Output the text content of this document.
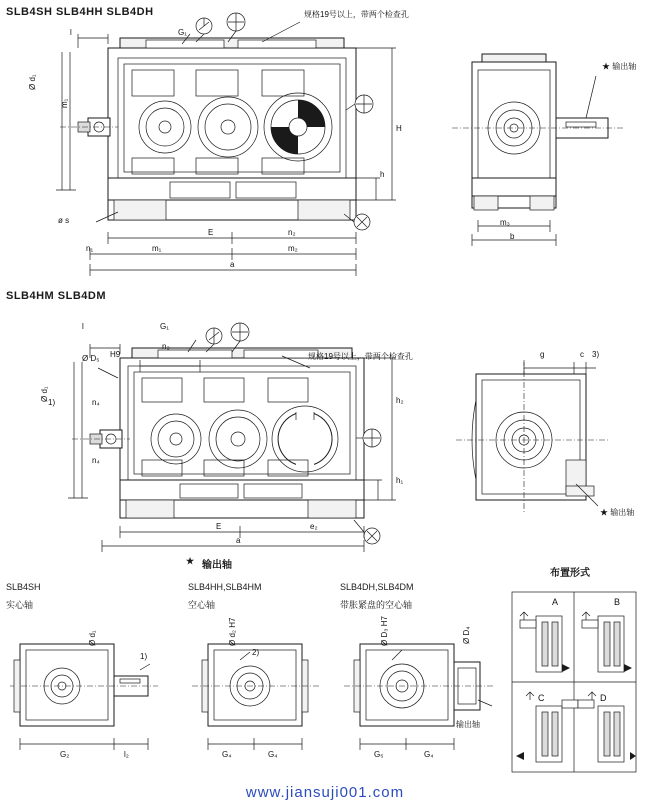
SLB4SH SLB4HH SLB4DH
G₁
l
Ø d₁
m₁
n₁
E
m₁
n₂
m₂
a
ø s
H
h
m₃
b
规格19号以上，带两个检查孔
★ 输出轴
SLB4HM SLB4DM
G₁
l
n₃
Ø D₅ H9
Ø d₁
1)	n₄
n₄
E	e₂
a
h₁
h₂
g	c 3)
规格19号以上，带两个检查孔
★ 输出轴
★ 输出轴
布置形式
SLB4SH
实心轴
Ø d₁
1)
G₂	l₂
SLB4HH,SLB4HM
空心轴
Ø d₂ H7
2)
G₄	G₄
SLB4DH,SLB4DM
带胀紧盘的空心轴
Ø D₃ H7	Ø D₄
G₅	G₄
输出轴
A	B
C	D
www.jiansuji001.com
